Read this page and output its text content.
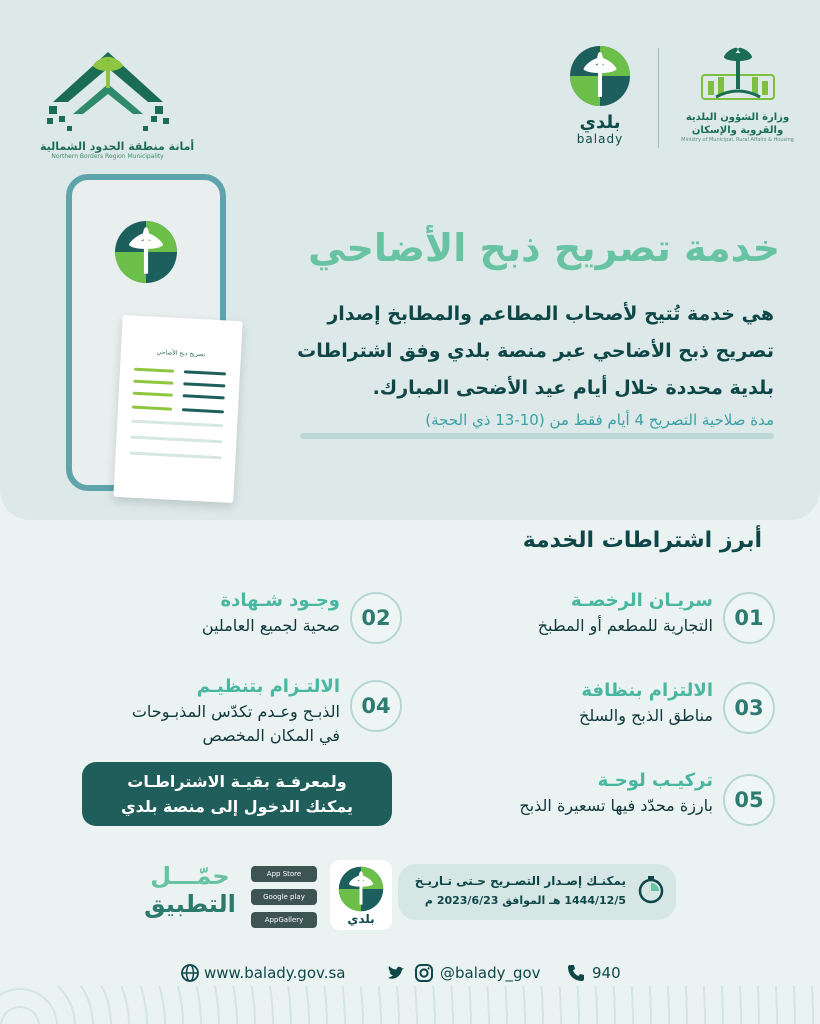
أمانة منطقة الحدود الشمالية
Northern Borders Region Municipality
بلدي
balady
وزارة الشؤون البلدية
والقروية والإسكان
Ministry of Municipal, Rural Affairs & Housing
تصريح ذبح الأضاحي
خدمة تصريح ذبح الأضاحي
هي خدمة تُتيح لأصحاب المطاعم والمطابخ إصدار
تصريح ذبح الأضاحي عبر منصة بلدي وفق اشتراطات
بلدية محددة خلال أيام عيد الأضحى المبارك.
مدة صلاحية التصريح 4 أيام فقط من (10-13 ذي الحجة)
أبرز اشتراطات الخدمة
01
سريـان الرخصـة
التجارية للمطعم أو المطبخ
02
وجـود شـهادة
صحية لجميع العاملين
03
الالتزام بنظافة
مناطق الذبح والسلخ
04
الالتـزام بتنظيـم
الذبـح وعـدم تكدّس المذبـوحات
في المكان المخصص
05
تركيـب لوحـة
بارزة محدّد فيها تسعيرة الذبح
ولمعرفـة بقيـة الاشتراطـات
يمكنك الدخول إلى منصة بلدي
حمّـــل
التطبيق
App Store
Google play
AppGallery	بلدي
يمكنـك إصـدار التصـريح حـتى تـاريـخ
1444/12/5 هـ الموافق 2023/6/23 م
www.balady.gov.sa	@balady_gov	940
